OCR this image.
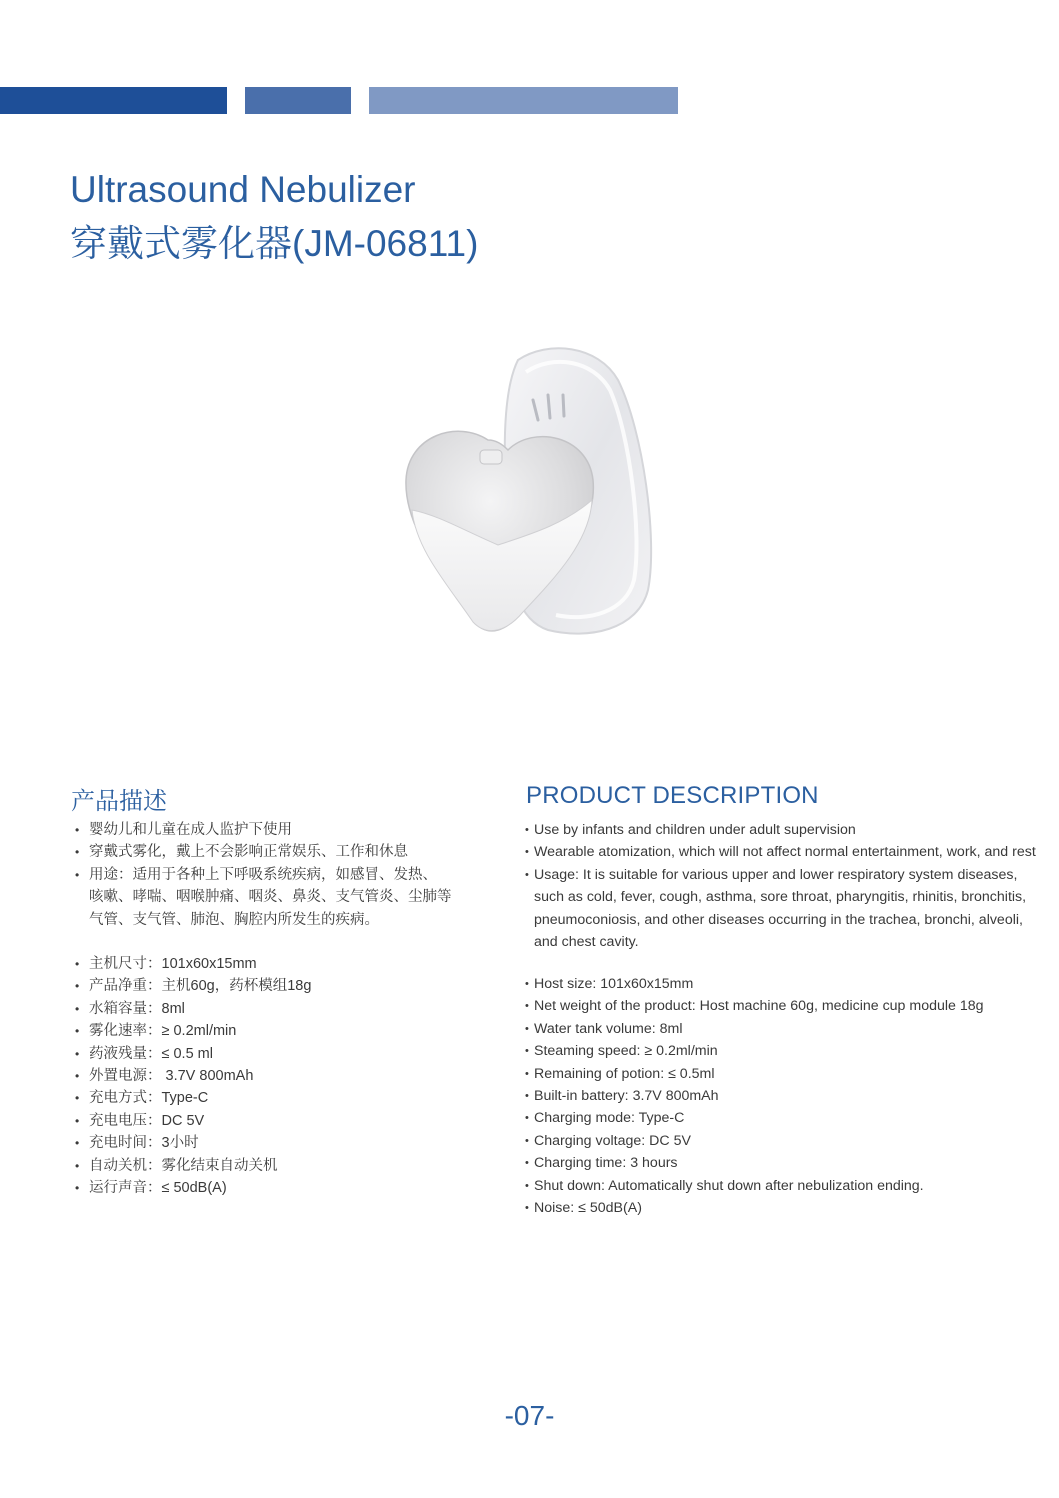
Ultrasound Nebulizer
穿戴式雾化器(JM-06811)
产品描述	PRODUCT DESCRIPTION
• 婴幼儿和儿童在成人监护下使用
• 穿戴式雾化，戴上不会影响正常娱乐、工作和休息
• 用途：适用于各种上下呼吸系统疾病，如感冒、发热、
咳嗽、哮喘、咽喉肿痛、咽炎、鼻炎、支气管炎、尘肺等
气管、支气管、肺泡、胸腔内所发生的疾病。
• 主机尺寸：101x60x15mm
• 产品净重：主机60g，药杯模组18g
• 水箱容量：8ml
• 雾化速率：≥ 0.2ml/min
• 药液残量：≤ 0.5 ml
• 外置电源： 3.7V 800mAh
• 充电方式：Type-C
• 充电电压：DC 5V
• 充电时间：3小时
• 自动关机：雾化结束自动关机
• 运行声音：≤ 50dB(A)
• Use by infants and children under adult supervision
• Wearable atomization, which will not affect normal entertainment, work, and rest
• Usage: It is suitable for various upper and lower respiratory system diseases,
such as cold, fever, cough, asthma, sore throat, pharyngitis, rhinitis, bronchitis,
pneumoconiosis, and other diseases occurring in the trachea, bronchi, alveoli,
and chest cavity.
• Host size: 101x60x15mm
• Net weight of the product: Host machine 60g, medicine cup module 18g
• Water tank volume: 8ml
• Steaming speed: ≥ 0.2ml/min
• Remaining of potion: ≤ 0.5ml
• Built-in battery: 3.7V 800mAh
• Charging mode: Type-C
• Charging voltage: DC 5V
• Charging time: 3 hours
• Shut down: Automatically shut down after nebulization ending.
• Noise: ≤ 50dB(A)
-07-
